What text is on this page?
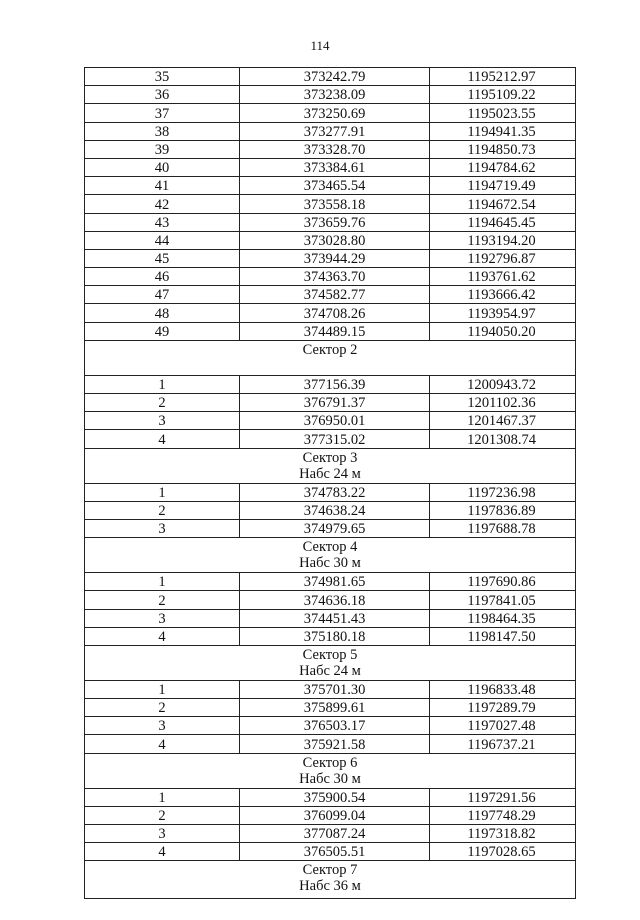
114
35	373242.79	1195212.97
36	373238.09	1195109.22
37	373250.69	1195023.55
38	373277.91	1194941.35
39	373328.70	1194850.73
40	373384.61	1194784.62
41	373465.54	1194719.49
42	373558.18	1194672.54
43	373659.76	1194645.45
44	373028.80	1193194.20
45	373944.29	1192796.87
46	374363.70	1193761.62
47	374582.77	1193666.42
48	374708.26	1193954.97
49	374489.15	1194050.20
Сектор 2
1	377156.39	1200943.72
2	376791.37	1201102.36
3	376950.01	1201467.37
4	377315.02	1201308.74
Сектор 3
Набс 24 м
1	374783.22	1197236.98
2	374638.24	1197836.89
3	374979.65	1197688.78
Сектор 4
Набс 30 м
1	374981.65	1197690.86
2	374636.18	1197841.05
3	374451.43	1198464.35
4	375180.18	1198147.50
Сектор 5
Набс 24 м
1	375701.30	1196833.48
2	375899.61	1197289.79
3	376503.17	1197027.48
4	375921.58	1196737.21
Сектор 6
Набс 30 м
1	375900.54	1197291.56
2	376099.04	1197748.29
3	377087.24	1197318.82
4	376505.51	1197028.65
Сектор 7
Набс 36 м
